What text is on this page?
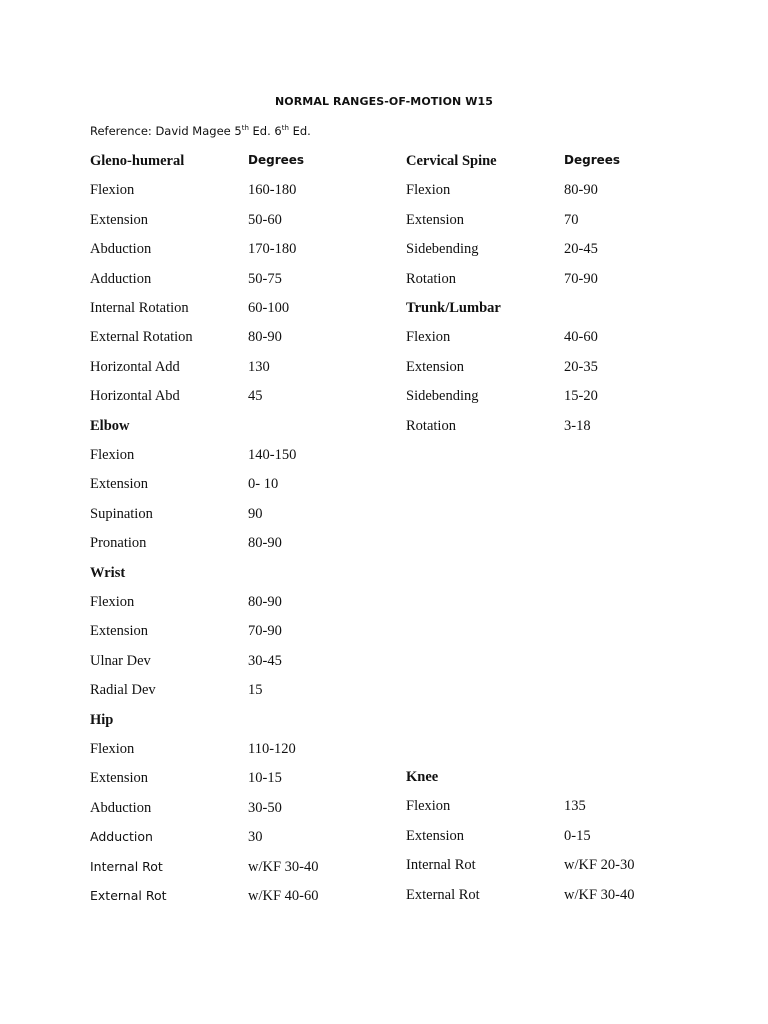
NORMAL RANGES-OF-MOTION W15
Reference: David Magee 5th Ed. 6th Ed.
Gleno-humeral	Degrees
Flexion	160-180
Extension	50-60
Abduction	170-180
Adduction	50-75
Internal Rotation	60-100
External Rotation	80-90
Horizontal Add	130
Horizontal Abd	45
Elbow
Flexion	140-150
Extension	0- 10
Supination	90
Pronation	80-90
Wrist
Flexion	80-90
Extension	70-90
Ulnar Dev	30-45
Radial Dev	15
Hip
Flexion	110-120
Extension	10-15
Abduction	30-50
Adduction	30
Internal Rot	w/KF 30-40
External Rot	w/KF 40-60
Cervical Spine	Degrees
Flexion	80-90
Extension	70
Sidebending	20-45
Rotation	70-90
Trunk/Lumbar
Flexion	40-60
Extension	20-35
Sidebending	15-20
Rotation	3-18
Knee
Flexion	135
Extension	0-15
Internal Rot	w/KF 20-30
External Rot	w/KF 30-40
